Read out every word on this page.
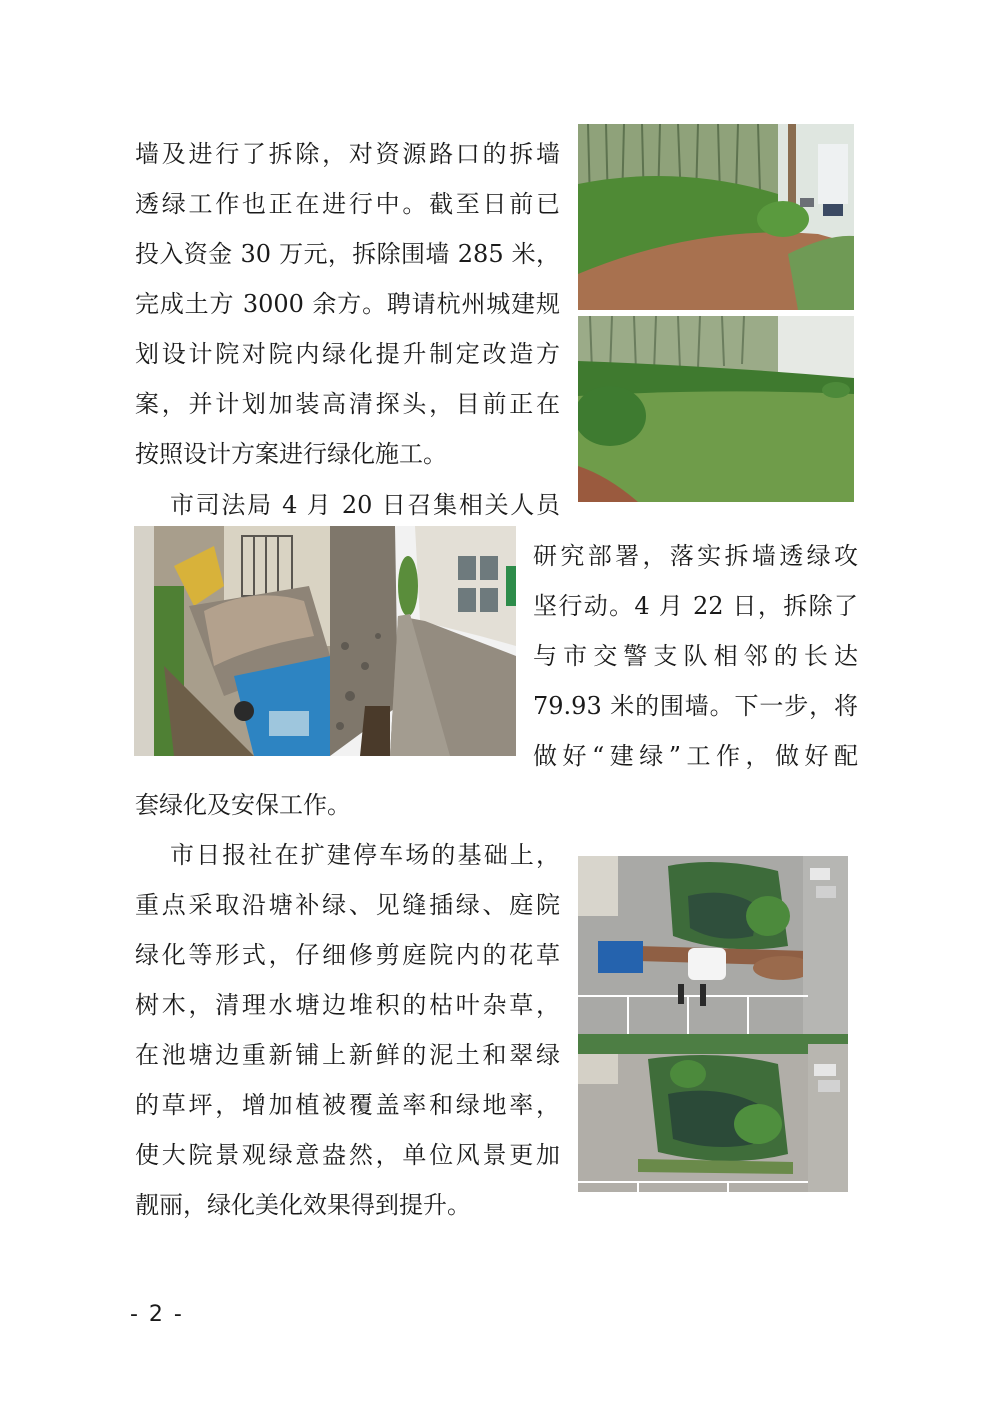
墙及进行了拆除，对资源路口的拆墙
透绿工作也正在进行中。截至日前已
投入资金 30 万元，拆除围墙 285 米，
完成土方 3000 余方。聘请杭州城建规
划设计院对院内绿化提升制定改造方
案，并计划加装高清探头，目前正在
按照设计方案进行绿化施工。
市司法局 4 月 20 日召集相关人员
研究部署，落实拆墙透绿攻
坚行动。4 月 22 日，拆除了
与市交警支队相邻的长达
79.93 米的围墙。下一步，将
做好“建绿”工作，做好配
套绿化及安保工作。
市日报社在扩建停车场的基础上，
重点采取沿塘补绿、见缝插绿、庭院
绿化等形式，仔细修剪庭院内的花草
树木，清理水塘边堆积的枯叶杂草，
在池塘边重新铺上新鲜的泥土和翠绿
的草坪，增加植被覆盖率和绿地率，
使大院景观绿意盎然，单位风景更加
靓丽，绿化美化效果得到提升。
- 2 -
